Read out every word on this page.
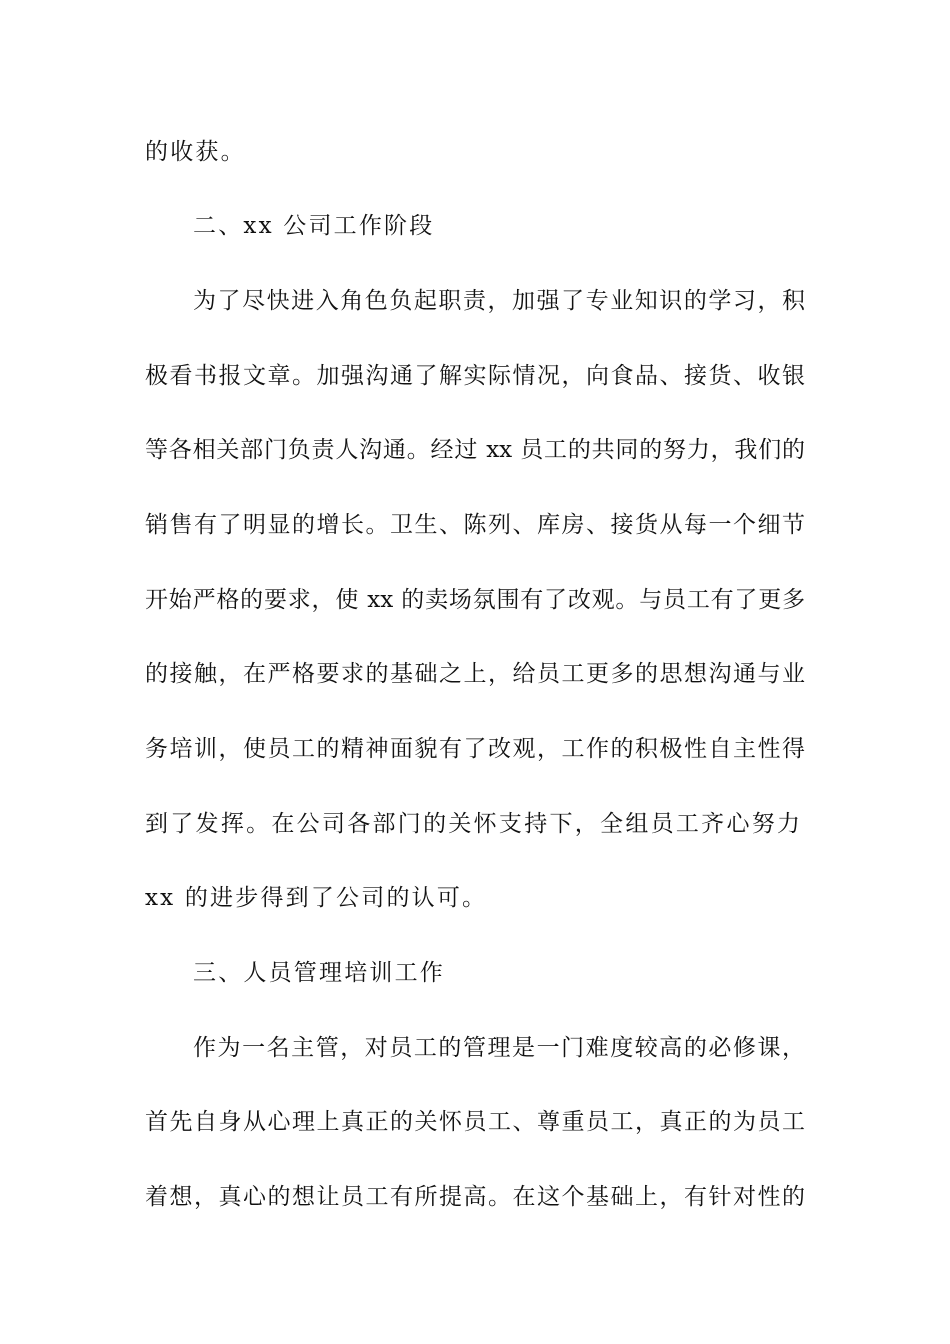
的收获。
二、xx 公司工作阶段
为了尽快进入角色负起职责，加强了专业知识的学习，积
极看书报文章。加强沟通了解实际情况，向食品、接货、收银
等各相关部门负责人沟通。经过 xx 员工的共同的努力，我们的
销售有了明显的增长。卫生、陈列、库房、接货从每一个细节
开始严格的要求，使 xx 的卖场氛围有了改观。与员工有了更多
的接触，在严格要求的基础之上，给员工更多的思想沟通与业
务培训，使员工的精神面貌有了改观，工作的积极性自主性得
到了发挥。在公司各部门的关怀支持下，全组员工齐心努力
xx 的进步得到了公司的认可。
三、人员管理培训工作
作为一名主管，对员工的管理是一门难度较高的必修课，
首先自身从心理上真正的关怀员工、尊重员工，真正的为员工
着想，真心的想让员工有所提高。在这个基础上，有针对性的
